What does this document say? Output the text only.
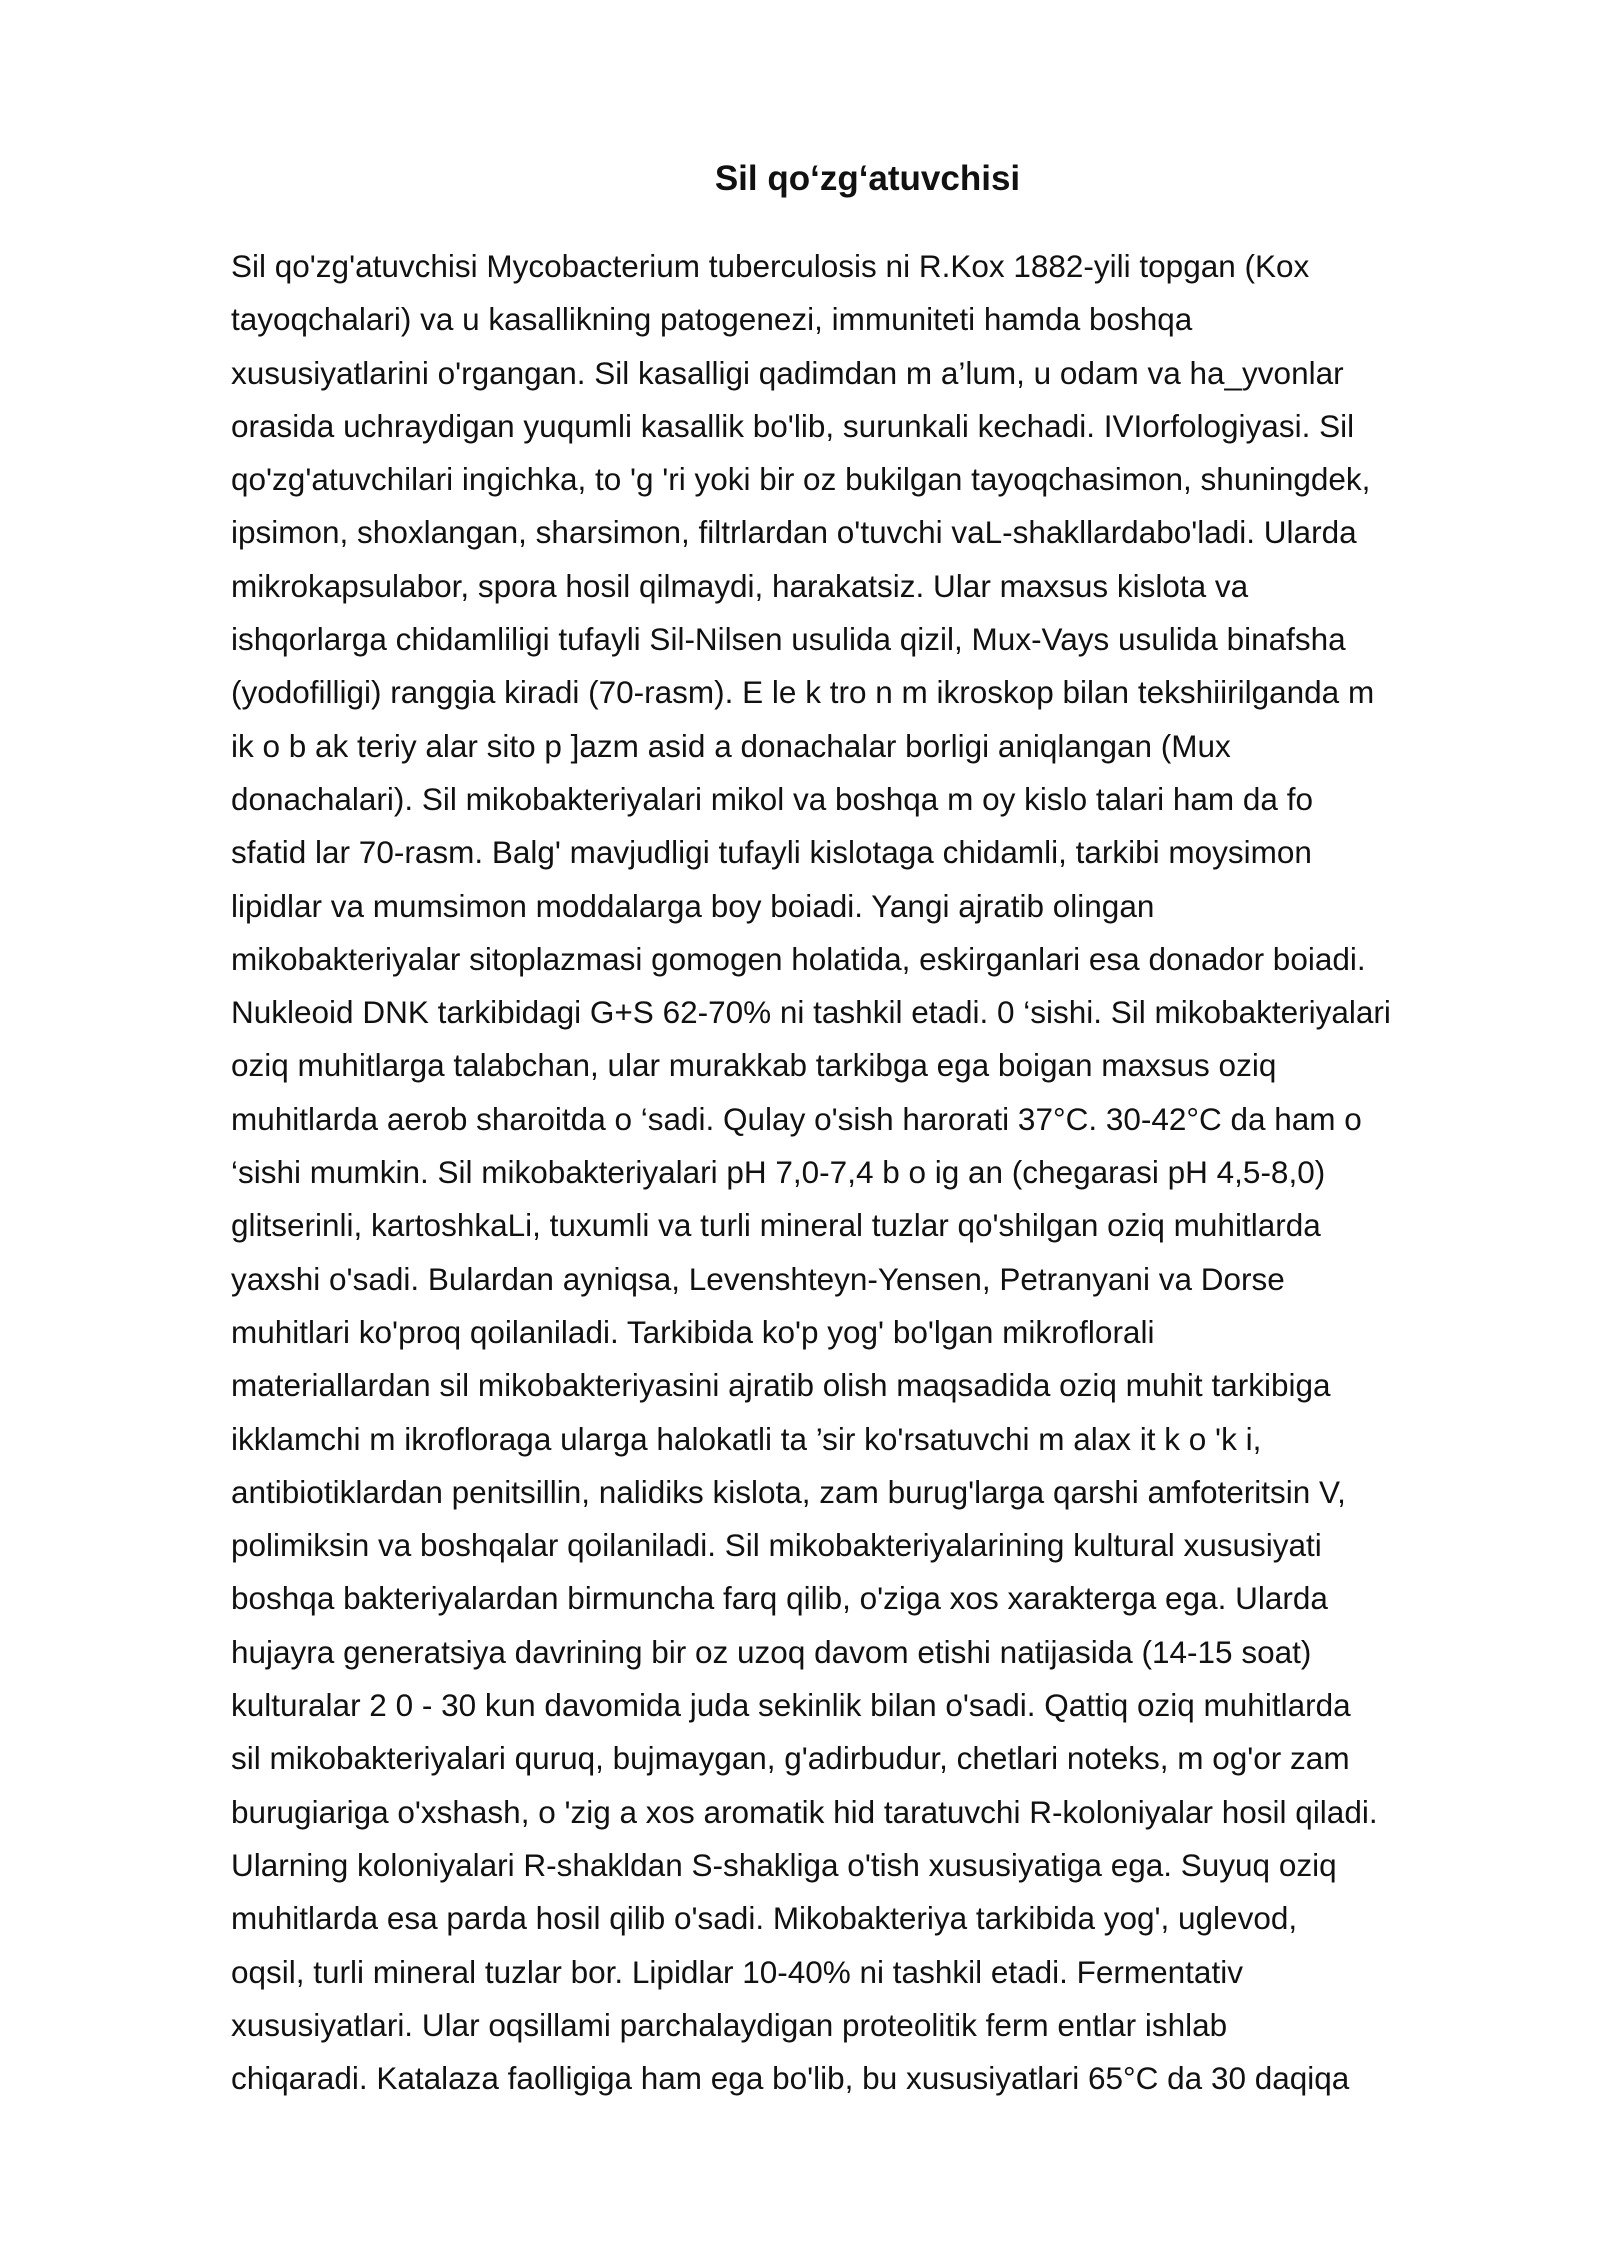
Sil qo‘zg‘atuvchisi
Sil qo'zg'atuvchisi Mycobacterium tuberculosis ni R.Kox 1882-yili topgan (Kox
tayoqchalari) va u kasallikning patogenezi, immuniteti hamda boshqa
xususiyatlarini o'rgangan. Sil kasalligi qadimdan m a’lum, u odam va ha_yvonlar
orasida uchraydigan yuqumli kasallik bo'lib, surunkali kechadi. IVIorfologiyasi. Sil
qo'zg'atuvchilari ingichka, to 'g 'ri yoki bir oz bukilgan tayoqchasimon, shuningdek,
ipsimon, shoxlangan, sharsimon, filtrlardan o'tuvchi vaL-shakllardabo'ladi. Ularda
mikrokapsulabor, spora hosil qilmaydi, harakatsiz. Ular maxsus kislota va
ishqorlarga chidamliligi tufayli Sil-Nilsen usulida qizil, Mux-Vays usulida binafsha
(yodofilligi) ranggia kiradi (70-rasm). E le k tro n m ikroskop bilan tekshiirilganda m
ik o b ak teriy alar sito p ]azm asid a donachalar borligi aniqlangan (Mux
donachalari). Sil mikobakteriyalari mikol va boshqa m oy kislo talari ham da fo
sfatid lar 70-rasm. Balg' mavjudligi tufayli kislotaga chidamli, tarkibi moysimon
lipidlar va mumsimon moddalarga boy boiadi. Yangi ajratib olingan
mikobakteriyalar sitoplazmasi gomogen holatida, eskirganlari esa donador boiadi.
Nukleoid DNK tarkibidagi G+S 62-70% ni tashkil etadi. 0 ‘sishi. Sil mikobakteriyalari
oziq muhitlarga talabchan, ular murakkab tarkibga ega boigan maxsus oziq
muhitlarda aerob sharoitda o ‘sadi. Qulay o'sish harorati 37°C. 30-42°C da ham o
‘sishi mumkin. Sil mikobakteriyalari pH 7,0-7,4 b o ig an (chegarasi pH 4,5-8,0)
glitserinli, kartoshkaLi, tuxumli va turli mineral tuzlar qo'shilgan oziq muhitlarda
yaxshi o'sadi. Bulardan ayniqsa, Levenshteyn-Yensen, Petranyani va Dorse
muhitlari ko'proq qoilaniladi. Tarkibida ko'p yog' bo'lgan mikroflorali
materiallardan sil mikobakteriyasini ajratib olish maqsadida oziq muhit tarkibiga
ikklamchi m ikrofloraga ularga halokatli ta ’sir ko'rsatuvchi m alax it k o 'k i,
antibiotiklardan penitsillin, nalidiks kislota, zam burug'larga qarshi amfoteritsin V,
polimiksin va boshqalar qoilaniladi. Sil mikobakteriyalarining kultural xususiyati
boshqa bakteriyalardan birmuncha farq qilib, o'ziga xos xarakterga ega. Ularda
hujayra generatsiya davrining bir oz uzoq davom etishi natijasida (14-15 soat)
kulturalar 2 0 - 30 kun davomida juda sekinlik bilan o'sadi. Qattiq oziq muhitlarda
sil mikobakteriyalari quruq, bujmaygan, g'adirbudur, chetlari noteks, m og'or zam
burugiariga o'xshash, o 'zig a xos aromatik hid taratuvchi R-koloniyalar hosil qiladi.
Ularning koloniyalari R-shakldan S-shakliga o'tish xususiyatiga ega. Suyuq oziq
muhitlarda esa parda hosil qilib o'sadi. Mikobakteriya tarkibida yog', uglevod,
oqsil, turli mineral tuzlar bor. Lipidlar 10-40% ni tashkil etadi. Fermentativ
xususiyatlari. Ular oqsillami parchalaydigan proteolitik ferm entlar ishlab
chiqaradi. Katalaza faolligiga ham ega bo'lib, bu xususiyatlari 65°C da 30 daqiqa
